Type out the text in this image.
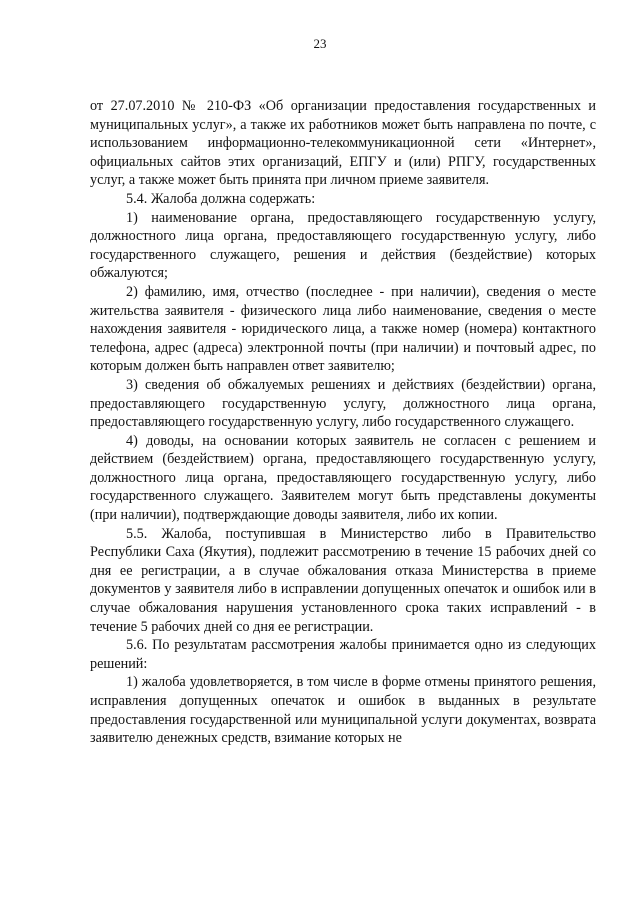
23

от 27.07.2010 № 210-ФЗ «Об организации предоставления государственных и муниципальных услуг», а также их работников может быть направлена по почте, с использованием информационно-телекоммуникационной сети «Интернет», официальных сайтов этих организаций, ЕПГУ и (или) РПГУ, государственных услуг, а также может быть принята при личном приеме заявителя.

5.4. Жалоба должна содержать:

1) наименование органа, предоставляющего государственную услугу, должностного лица органа, предоставляющего государственную услугу, либо государственного служащего, решения и действия (бездействие) которых обжалуются;

2) фамилию, имя, отчество (последнее - при наличии), сведения о месте жительства заявителя - физического лица либо наименование, сведения о месте нахождения заявителя - юридического лица, а также номер (номера) контактного телефона, адрес (адреса) электронной почты (при наличии) и почтовый адрес, по которым должен быть направлен ответ заявителю;

3) сведения об обжалуемых решениях и действиях (бездействии) органа, предоставляющего государственную услугу, должностного лица органа, предоставляющего государственную услугу, либо государственного служащего.

4) доводы, на основании которых заявитель не согласен с решением и действием (бездействием) органа, предоставляющего государственную услугу, должностного лица органа, предоставляющего государственную услугу, либо государственного служащего. Заявителем могут быть представлены документы (при наличии), подтверждающие доводы заявителя, либо их копии.

5.5. Жалоба, поступившая в Министерство либо в Правительство Республики Саха (Якутия), подлежит рассмотрению в течение 15 рабочих дней со дня ее регистрации, а в случае обжалования отказа Министерства в приеме документов у заявителя либо в исправлении допущенных опечаток и ошибок или в случае обжалования нарушения установленного срока таких исправлений - в течение 5 рабочих дней со дня ее регистрации.

5.6. По результатам рассмотрения жалобы принимается одно из следующих решений:

1) жалоба удовлетворяется, в том числе в форме отмены принятого решения, исправления допущенных опечаток и ошибок в выданных в результате предоставления государственной или муниципальной услуги документах, возврата заявителю денежных средств, взимание которых не
